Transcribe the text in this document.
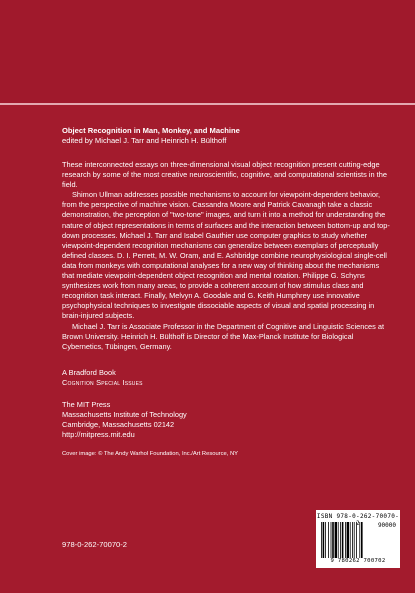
Object Recognition in Man, Monkey, and Machine
edited by Michael J. Tarr and Heinrich H. Bülthoff

These interconnected essays on three-dimensional visual object recognition present cutting-edge research by some of the most creative neuroscientific, cognitive, and computational scientists in the field.

Shimon Ullman addresses possible mechanisms to account for viewpoint-dependent behavior, from the perspective of machine vision. Cassandra Moore and Patrick Cavanagh take a classic demonstration, the perception of "two-tone" images, and turn it into a method for understanding the nature of object representations in terms of surfaces and the interaction between bottom-up and top-down processes. Michael J. Tarr and Isabel Gauthier use computer graphics to study whether viewpoint-dependent recognition mechanisms can generalize between exemplars of perceptually defined classes. D. I. Perrett, M. W. Oram, and E. Ashbridge combine neurophysiological single-cell data from monkeys with computational analyses for a new way of thinking about the mechanisms that mediate viewpoint-dependent object recognition and mental rotation. Philippe G. Schyns synthesizes work from many areas, to provide a coherent account of how stimulus class and recognition task interact. Finally, Melvyn A. Goodale and G. Keith Humphrey use innovative psychophysical techniques to investigate dissociable aspects of visual and spatial processing in brain-injured subjects.

Michael J. Tarr is Associate Professor in the Department of Cognitive and Linguistic Sciences at Brown University. Heinrich H. Bülthoff is Director of the Max-Planck Institute for Biological Cybernetics, Tübingen, Germany.

A Bradford Book
Cognition Special Issues
The MIT Press
Massachusetts Institute of Technology
Cambridge, Massachusetts 02142
http://mitpress.mit.edu
Cover image: © The Andy Warhol Foundation, Inc./Art Resource, NY
978-0-262-70070-2
ISBN 978-0-262-70070-2	90000
9 780262 700702
